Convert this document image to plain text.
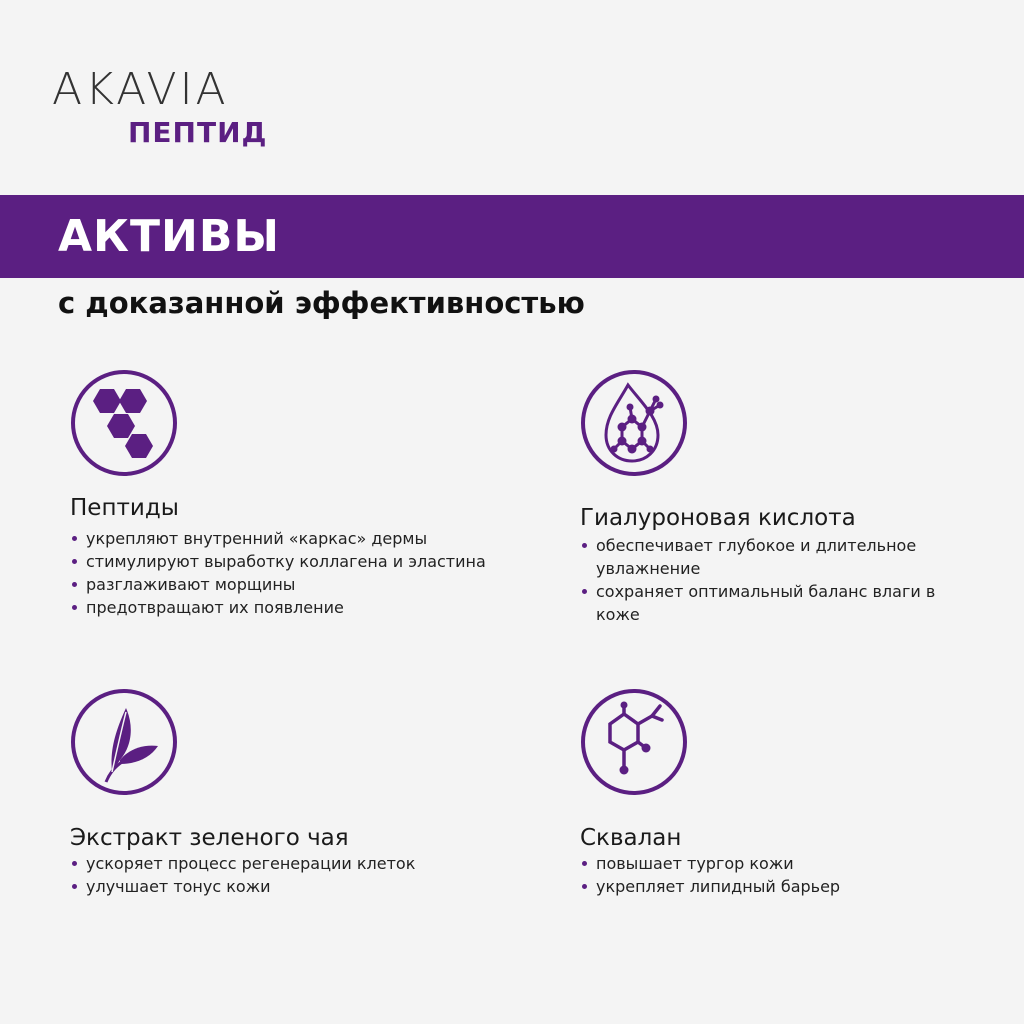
AKAVIA
ПЕПТИД
АКТИВЫ
с доказанной эффективностью
Пептиды
укрепляют внутренний «каркас» дермы
стимулируют выработку коллагена и эластина
разглаживают морщины
предотвращают их появление
Гиалуроновая кислота
обеспечивает глубокое и длительное увлажнение
сохраняет оптимальный баланс влаги в коже
Экстракт зеленого чая
ускоряет процесс регенерации клеток
улучшает тонус кожи
Сквалан
повышает тургор кожи
укрепляет липидный барьер
